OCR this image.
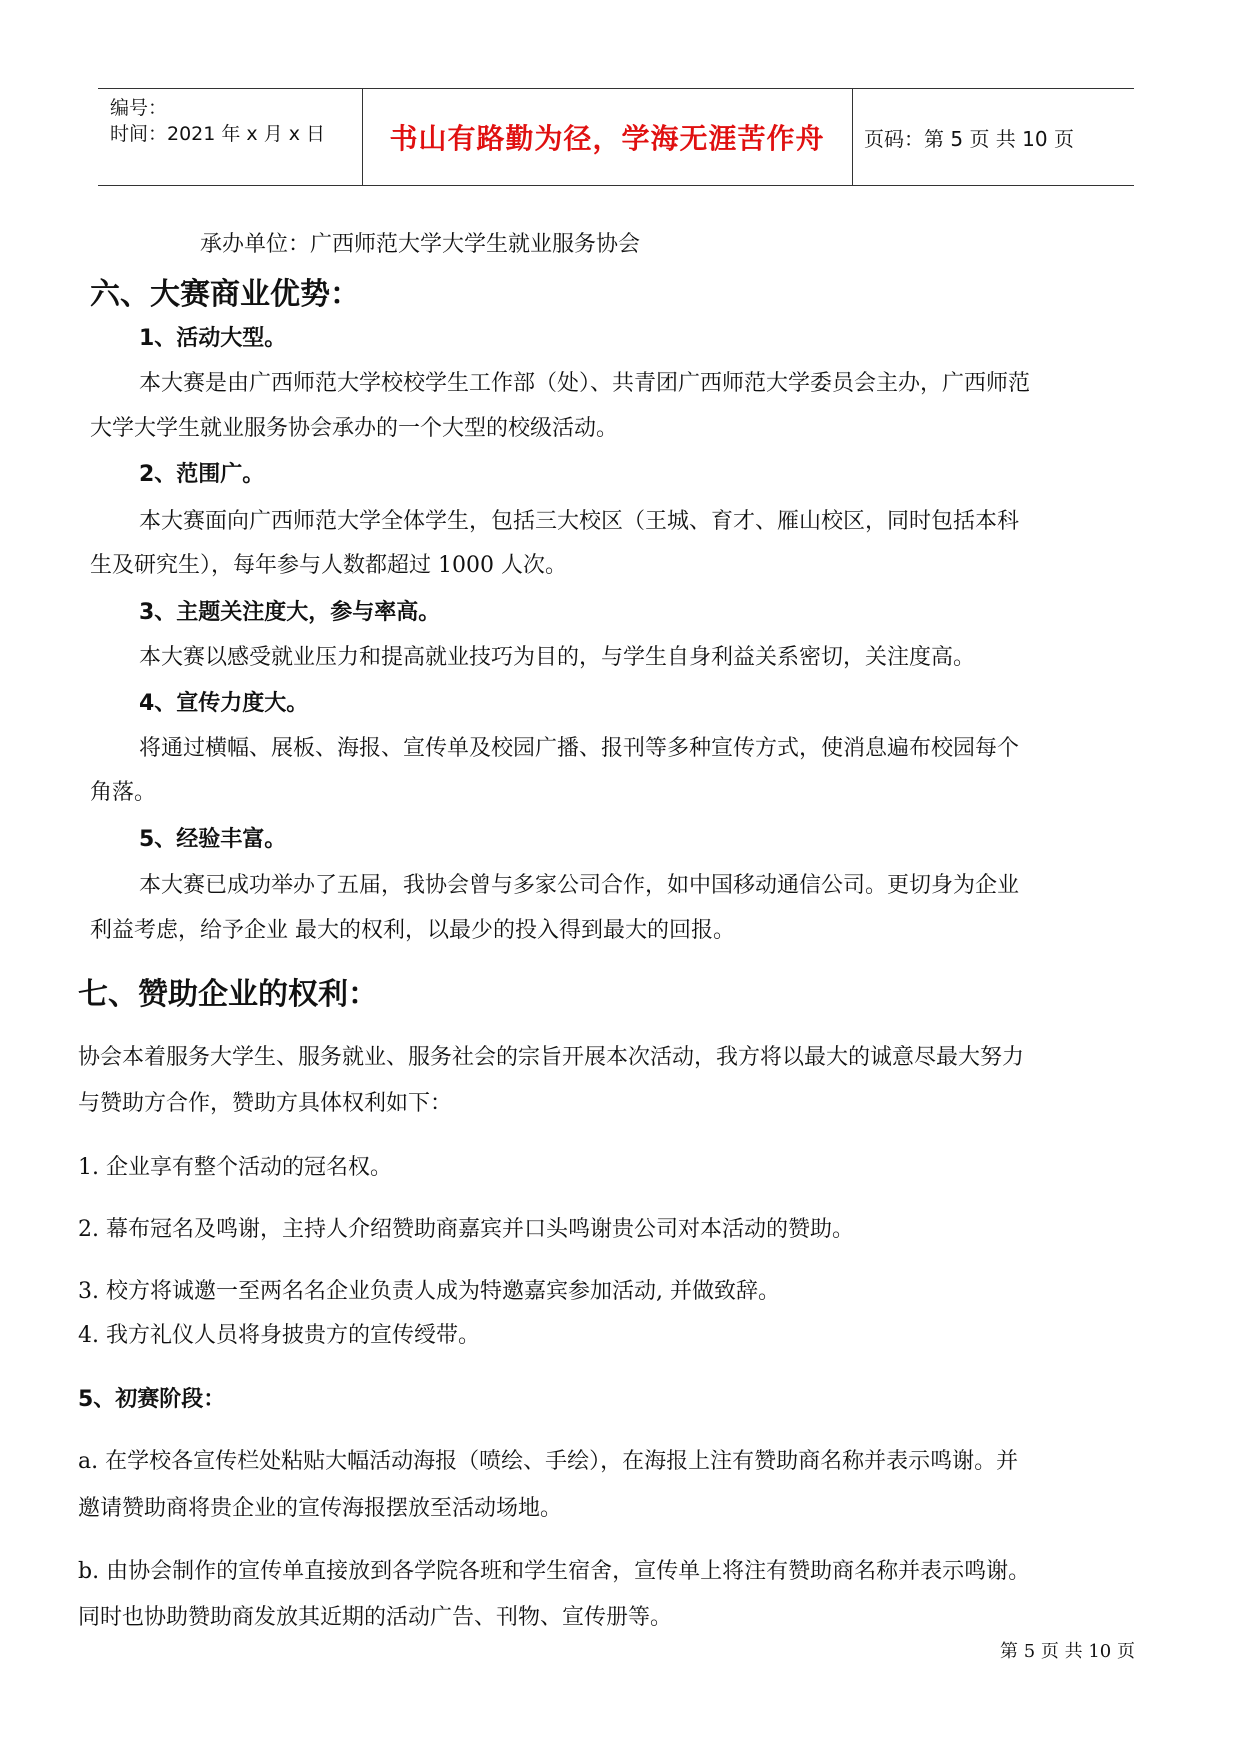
编号：
时间：2021 年 x 月 x 日 书山有路勤为径，学海无涯苦作舟 页码：第 5 页 共 10 页
承办单位：广西师范大学大学生就业服务协会
六、大赛商业优势：
1、活动大型。
本大赛是由广西师范大学校校学生工作部（处）、共青团广西师范大学委员会主办，广西师范
大学大学生就业服务协会承办的一个大型的校级活动。
2、范围广。
本大赛面向广西师范大学全体学生，包括三大校区（王城、育才、雁山校区，同时包括本科
生及研究生），每年参与人数都超过 1000 人次。
3、主题关注度大，参与率高。
本大赛以感受就业压力和提高就业技巧为目的，与学生自身利益关系密切，关注度高。
4、宣传力度大。
将通过横幅、展板、海报、宣传单及校园广播、报刊等多种宣传方式，使消息遍布校园每个
角落。
5、经验丰富。
本大赛已成功举办了五届，我协会曾与多家公司合作，如中国移动通信公司。更切身为企业
利益考虑，给予企业 最大的权利，以最少的投入得到最大的回报。
七、赞助企业的权利：
协会本着服务大学生、服务就业、服务社会的宗旨开展本次活动，我方将以最大的诚意尽最大努力
与赞助方合作，赞助方具体权利如下：
1. 企业享有整个活动的冠名权。
2. 幕布冠名及鸣谢，主持人介绍赞助商嘉宾并口头鸣谢贵公司对本活动的赞助。
3. 校方将诚邀一至两名名企业负责人成为特邀嘉宾参加活动, 并做致辞。
4. 我方礼仪人员将身披贵方的宣传绶带。
5、初赛阶段：
a. 在学校各宣传栏处粘贴大幅活动海报（喷绘、手绘），在海报上注有赞助商名称并表示鸣谢。并
邀请赞助商将贵企业的宣传海报摆放至活动场地。
b. 由协会制作的宣传单直接放到各学院各班和学生宿舍，宣传单上将注有赞助商名称并表示鸣谢。
同时也协助赞助商发放其近期的活动广告、刊物、宣传册等。
第 5 页 共 10 页
